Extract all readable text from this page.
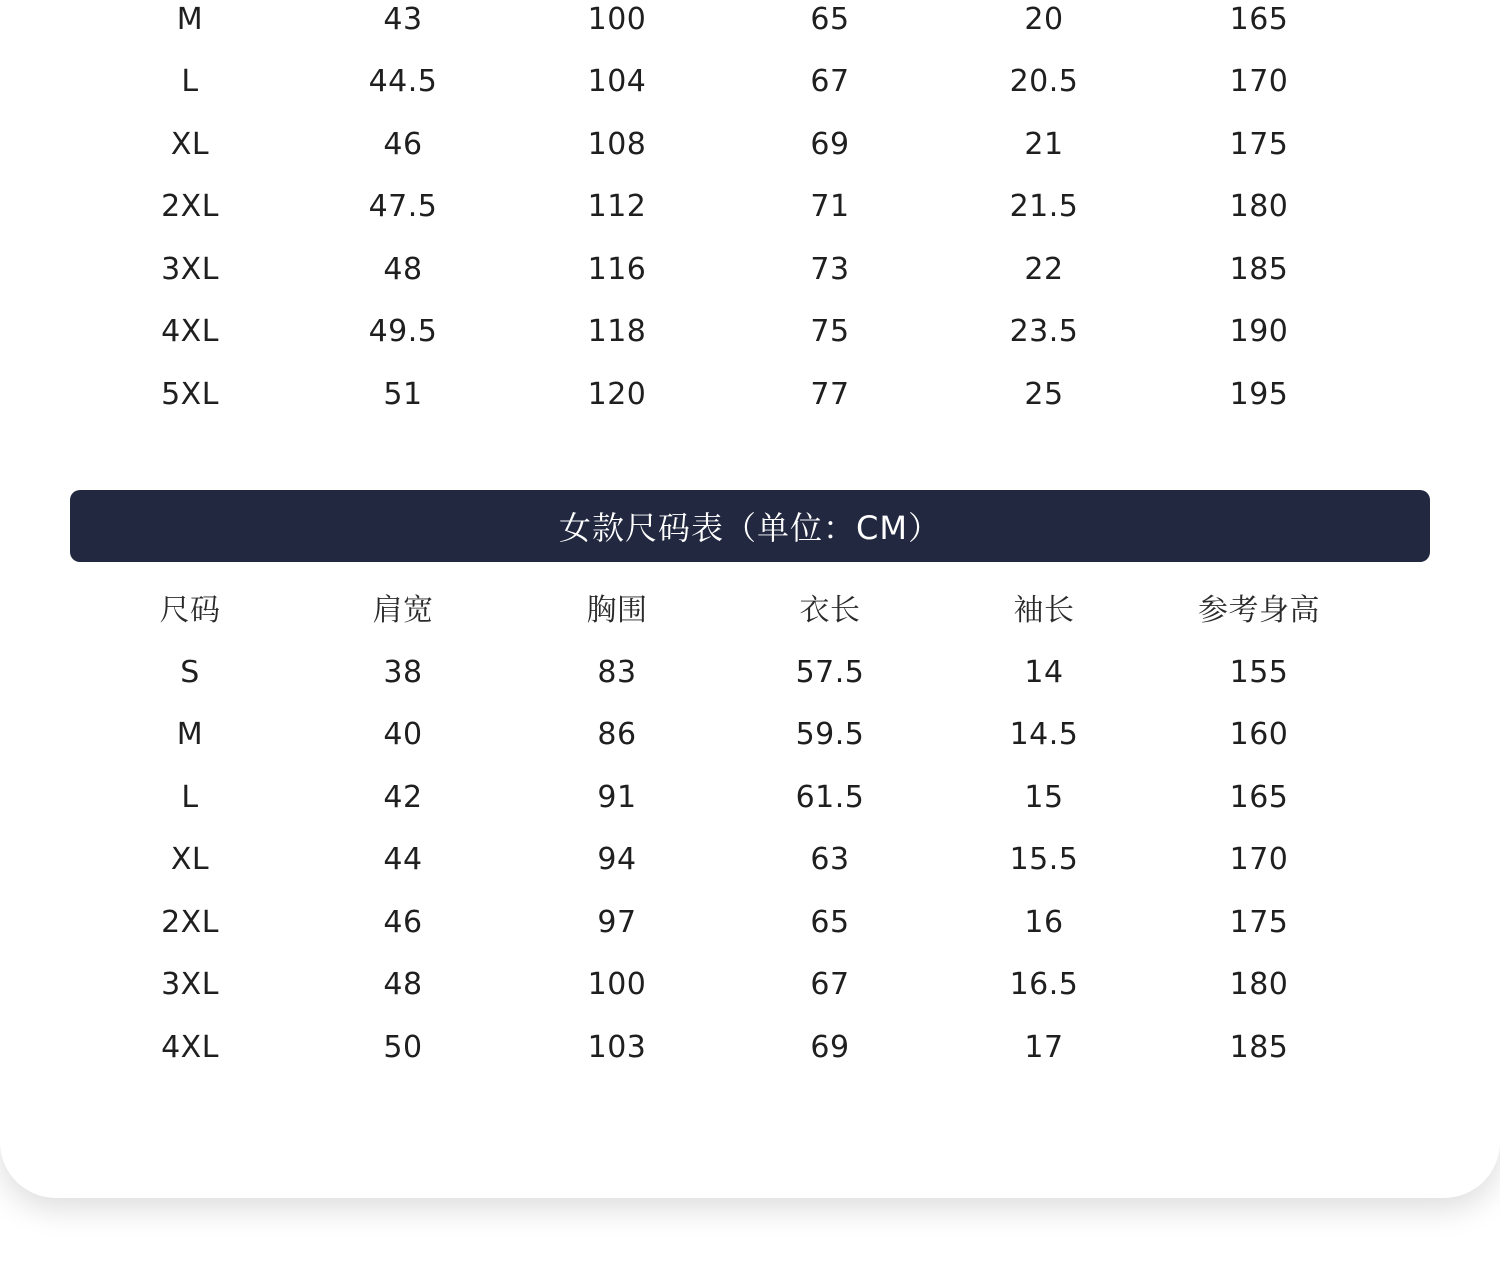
M	43	100	65	20	165
L	44.5	104	67	20.5	170
XL	46	108	69	21	175
2XL	47.5	112	71	21.5	180
3XL	48	116	73	22	185
4XL	49.5	118	75	23.5	190
5XL	51	120	77	25	195
女款尺码表（单位：CM）
尺码	肩宽	胸围	衣长	袖长	参考身高
S	38	83	57.5	14	155
M	40	86	59.5	14.5	160
L	42	91	61.5	15	165
XL	44	94	63	15.5	170
2XL	46	97	65	16	175
3XL	48	100	67	16.5	180
4XL	50	103	69	17	185
